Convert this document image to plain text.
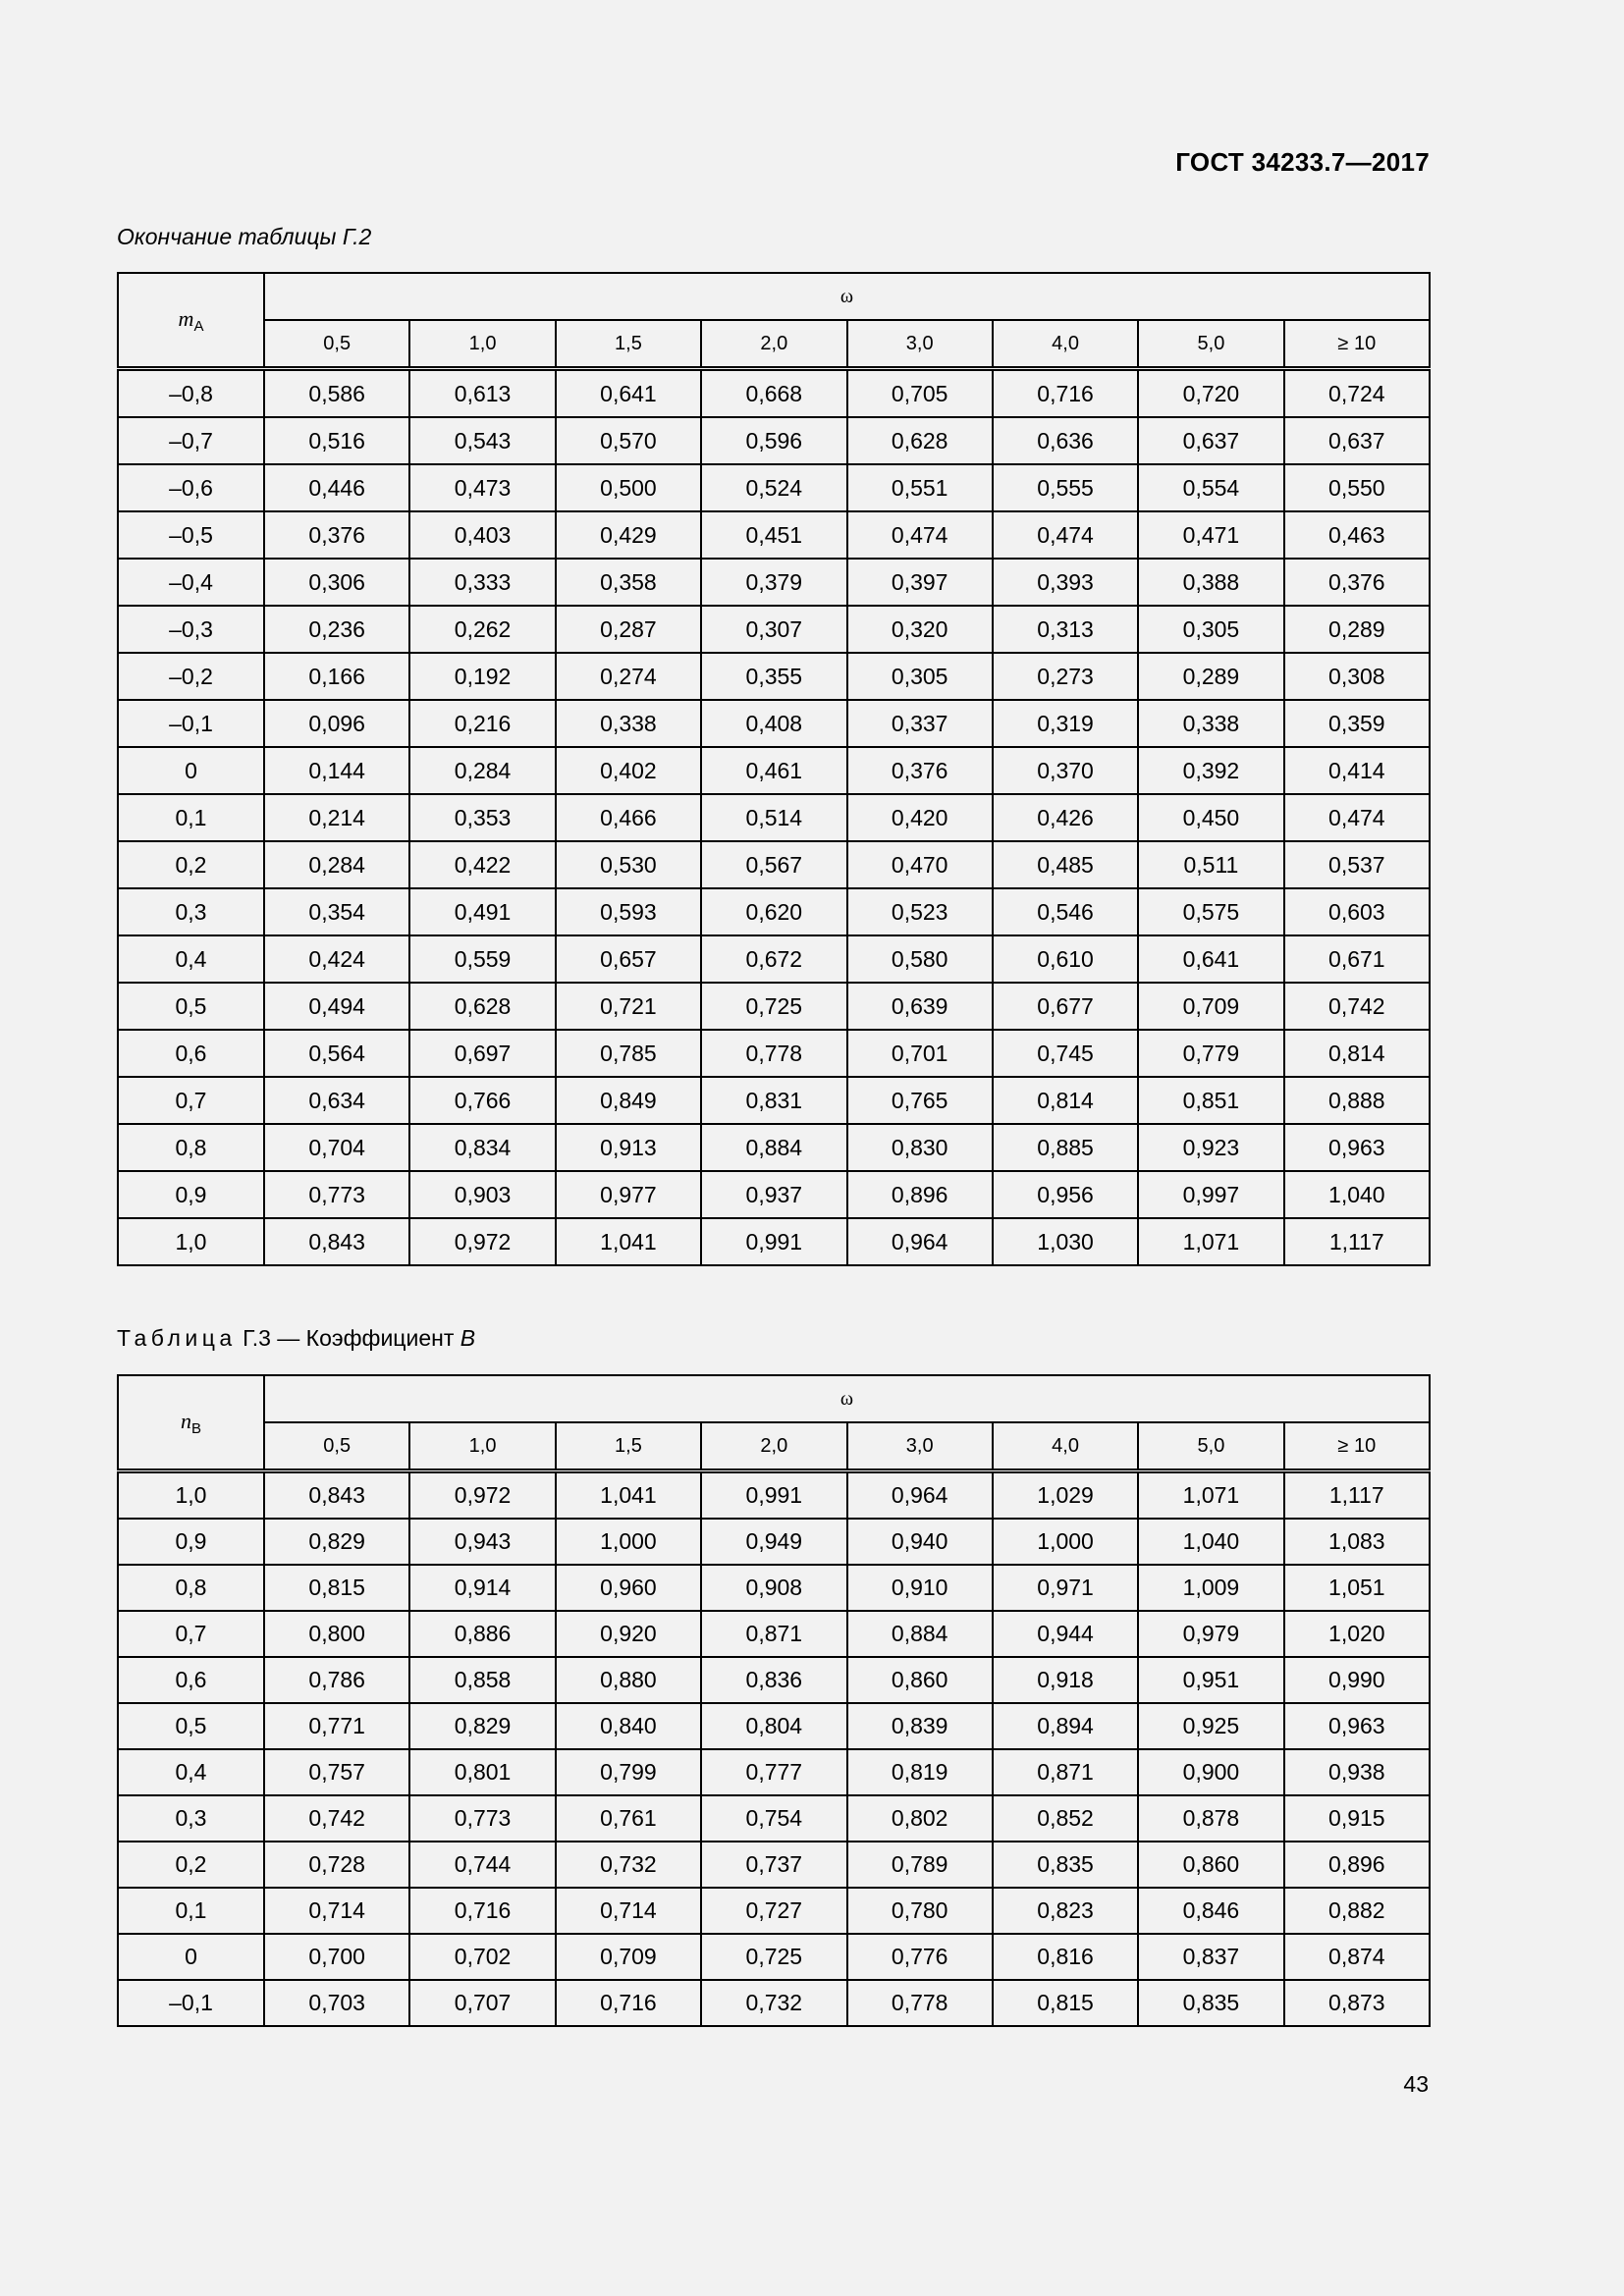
ГОСТ 34233.7—2017
Окончание таблицы Г.2
$m_A$	ω							
	0,5	1,0	1,5	2,0	3,0	4,0	5,0	≥ 10
–0,8	0,586	0,613	0,641	0,668	0,705	0,716	0,720	0,724
–0,7	0,516	0,543	0,570	0,596	0,628	0,636	0,637	0,637
–0,6	0,446	0,473	0,500	0,524	0,551	0,555	0,554	0,550
–0,5	0,376	0,403	0,429	0,451	0,474	0,474	0,471	0,463
–0,4	0,306	0,333	0,358	0,379	0,397	0,393	0,388	0,376
–0,3	0,236	0,262	0,287	0,307	0,320	0,313	0,305	0,289
–0,2	0,166	0,192	0,274	0,355	0,305	0,273	0,289	0,308
–0,1	0,096	0,216	0,338	0,408	0,337	0,319	0,338	0,359
0	0,144	0,284	0,402	0,461	0,376	0,370	0,392	0,414
0,1	0,214	0,353	0,466	0,514	0,420	0,426	0,450	0,474
0,2	0,284	0,422	0,530	0,567	0,470	0,485	0,511	0,537
0,3	0,354	0,491	0,593	0,620	0,523	0,546	0,575	0,603
0,4	0,424	0,559	0,657	0,672	0,580	0,610	0,641	0,671
0,5	0,494	0,628	0,721	0,725	0,639	0,677	0,709	0,742
0,6	0,564	0,697	0,785	0,778	0,701	0,745	0,779	0,814
0,7	0,634	0,766	0,849	0,831	0,765	0,814	0,851	0,888
0,8	0,704	0,834	0,913	0,884	0,830	0,885	0,923	0,963
0,9	0,773	0,903	0,977	0,937	0,896	0,956	0,997	1,040
1,0	0,843	0,972	1,041	0,991	0,964	1,030	1,071	1,117
Таблица Г.3 — Коэффициент B
$n_B$	ω							
	0,5	1,0	1,5	2,0	3,0	4,0	5,0	≥ 10
1,0	0,843	0,972	1,041	0,991	0,964	1,029	1,071	1,117
0,9	0,829	0,943	1,000	0,949	0,940	1,000	1,040	1,083
0,8	0,815	0,914	0,960	0,908	0,910	0,971	1,009	1,051
0,7	0,800	0,886	0,920	0,871	0,884	0,944	0,979	1,020
0,6	0,786	0,858	0,880	0,836	0,860	0,918	0,951	0,990
0,5	0,771	0,829	0,840	0,804	0,839	0,894	0,925	0,963
0,4	0,757	0,801	0,799	0,777	0,819	0,871	0,900	0,938
0,3	0,742	0,773	0,761	0,754	0,802	0,852	0,878	0,915
0,2	0,728	0,744	0,732	0,737	0,789	0,835	0,860	0,896
0,1	0,714	0,716	0,714	0,727	0,780	0,823	0,846	0,882
0	0,700	0,702	0,709	0,725	0,776	0,816	0,837	0,874
–0,1	0,703	0,707	0,716	0,732	0,778	0,815	0,835	0,873
43
